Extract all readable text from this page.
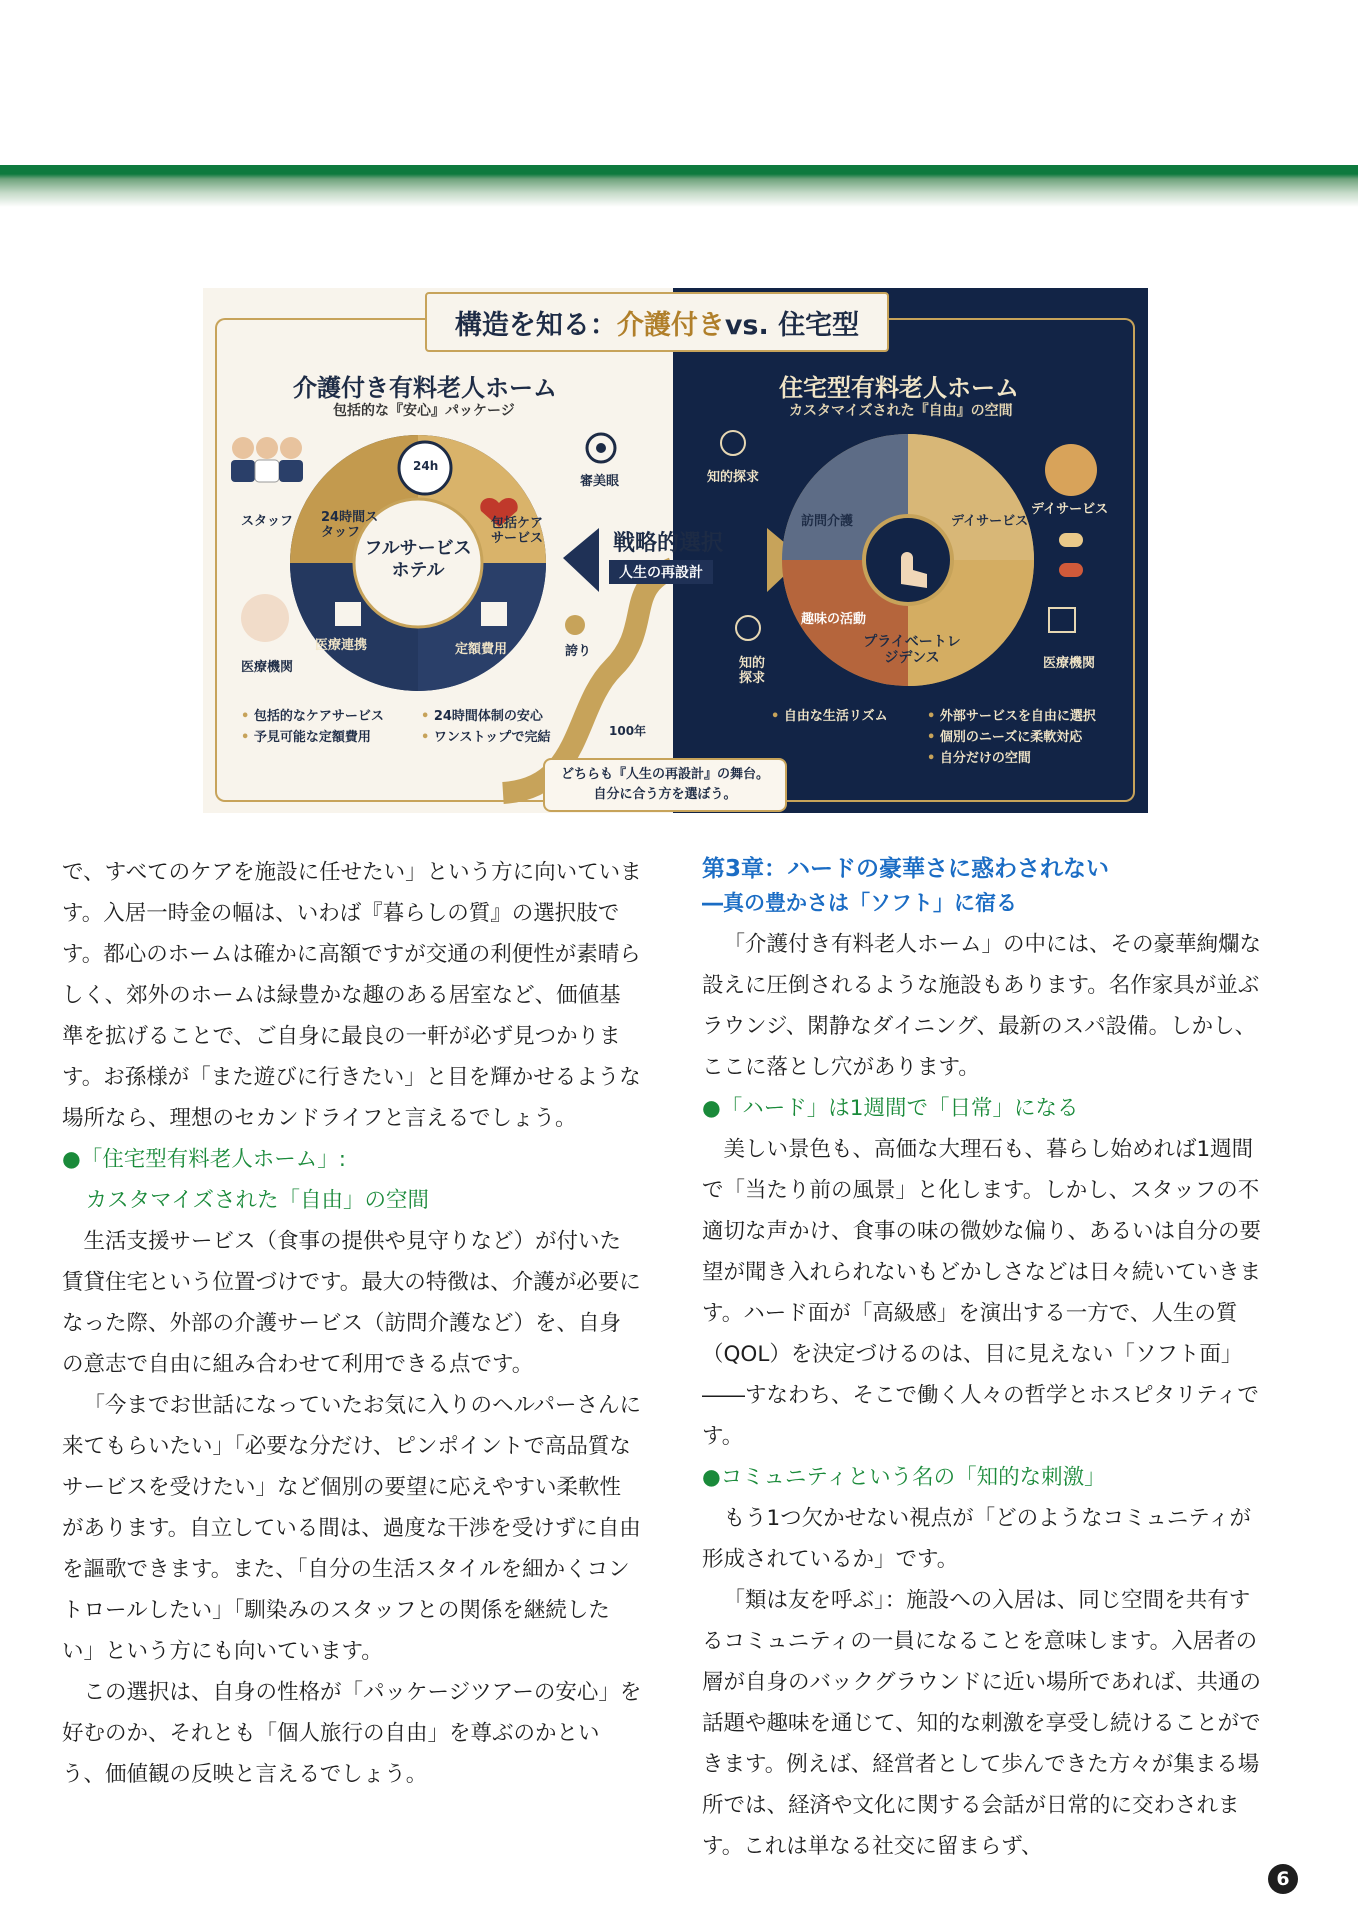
構造を知る： 介護付き vs. 住宅型
介護付き有料老人ホーム
包括的な『安心』パッケージ
住宅型有料老人ホーム
カスタマイズされた『自由』の空間
フルサービス
ホテル
24h
24時間スタッフ
包括ケアサービス
定額費用
医療連携
スタッフ
医療機関
審美眼
誇り
戦略的選択
人生の再設計
100年
訪問介護	デイサービス
趣味の活動
プライベートレジデンス
知的探求
知的探求
デイサービス
医療機関
• 包括的なケアサービス
• 予見可能な定額費用
• 24時間体制の安心
• ワンストップで完結
• 自由な生活リズム	• 外部サービスを自由に選択
• 個別のニーズに柔軟対応
• 自分だけの空間
どちらも『人生の再設計』の舞台。
自分に合う方を選ぼう。

で、すべてのケアを施設に任せたい」という方に向いています。入居一時金の幅は、いわば『暮らしの質』の選択肢です。都心のホームは確かに高額ですが交通の利便性が素晴らしく、郊外のホームは緑豊かな趣のある居室など、価値基準を拡げることで、ご自身に最良の一軒が必ず見つかります。お孫様が「また遊びに行きたい」と目を輝かせるような場所なら、理想のセカンドライフと言えるでしょう。

●「住宅型有料老人ホーム」:
カスタマイズされた「自由」の空間

生活支援サービス（食事の提供や見守りなど）が付いた賃貸住宅という位置づけです。最大の特徴は、介護が必要になった際、外部の介護サービス（訪問介護など）を、自身の意志で自由に組み合わせて利用できる点です。

「今までお世話になっていたお気に入りのヘルパーさんに来てもらいたい」「必要な分だけ、ピンポイントで高品質なサービスを受けたい」など個別の要望に応えやすい柔軟性があります。自立している間は、過度な干渉を受けずに自由を謳歌できます。また、「自分の生活スタイルを細かくコントロールしたい」「馴染みのスタッフとの関係を継続したい」という方にも向いています。

この選択は、自身の性格が「パッケージツアーの安心」を好むのか、それとも「個人旅行の自由」を尊ぶのかという、価値観の反映と言えるでしょう。

第3章：ハードの豪華さに惑わされない

―真の豊かさは「ソフト」に宿る

「介護付き有料老人ホーム」の中には、その豪華絢爛な設えに圧倒されるような施設もあります。名作家具が並ぶラウンジ、閑静なダイニング、最新のスパ設備。しかし、ここに落とし穴があります。

●「ハード」は1週間で「日常」になる

美しい景色も、高価な大理石も、暮らし始めれば1週間で「当たり前の風景」と化します。しかし、スタッフの不適切な声かけ、食事の味の微妙な偏り、あるいは自分の要望が聞き入れられないもどかしさなどは日々続いていきます。ハード面が「高級感」を演出する一方で、人生の質（QOL）を決定づけるのは、目に見えない「ソフト面」――すなわち、そこで働く人々の哲学とホスピタリティです。

●コミュニティという名の「知的な刺激」

もう1つ欠かせない視点が「どのようなコミュニティが形成されているか」です。

「類は友を呼ぶ」：施設への入居は、同じ空間を共有するコミュニティの一員になることを意味します。入居者の層が自身のバックグラウンドに近い場所であれば、共通の話題や趣味を通じて、知的な刺激を享受し続けることができます。例えば、経営者として歩んできた方々が集まる場所では、経済や文化に関する会話が日常的に交わされます。これは単なる社交に留まらず、

6
